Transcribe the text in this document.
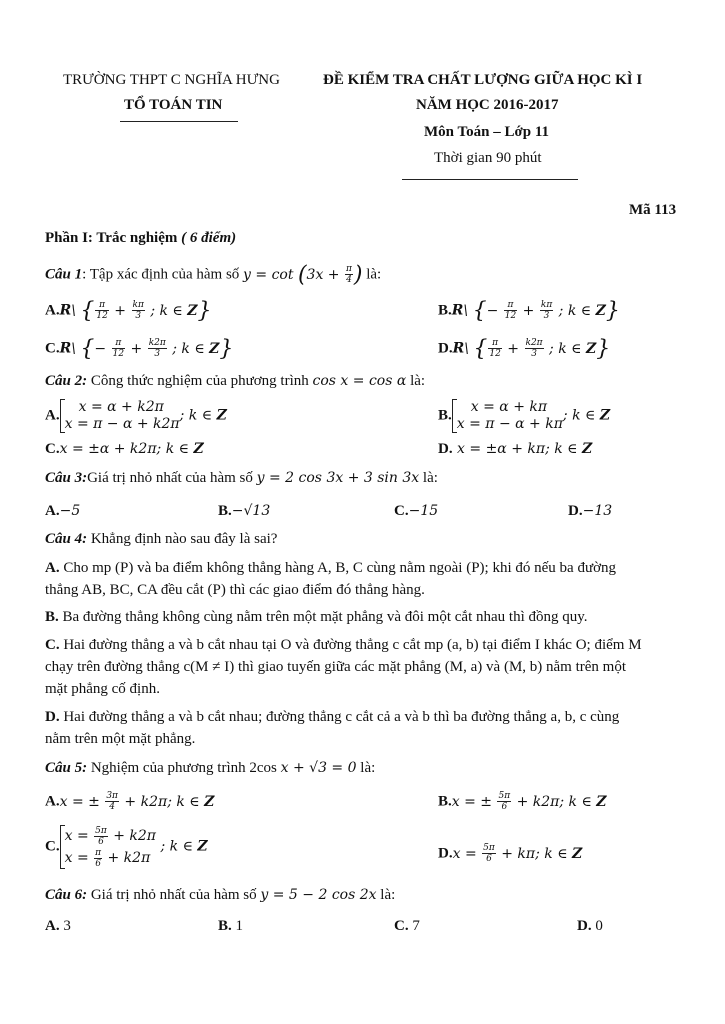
TRƯỜNG THPT C NGHĨA HƯNG
TỔ TOÁN TIN
ĐỀ KIỂM TRA CHẤT LƯỢNG GIỮA HỌC KÌ I
NĂM HỌC 2016-2017
Môn Toán – Lớp 11
Thời gian 90 phút
Mã 113
Phần I: Trắc nghiệm ( 6 điểm)
Câu 1: Tập xác định của hàm số $y = \cot (3x + \frac{\pi}{4}$ ) là:
A.R\ { $\frac{\pi}{12} + \frac{k\pi}{3}$ ; k ∈ Z}	B.R\ {− $\frac{\pi}{12} + \frac{k\pi}{3}$ ; k ∈ Z}
C.R\ {− $\frac{\pi}{12} + \frac{k2\pi}{3}$ ; k ∈ Z}	D.R\ { $\frac{\pi}{12} + \frac{k2\pi}{3}$ ; k ∈ Z}
Câu 2: Công thức nghiệm của phương trình cos x = cos α là:
A.x = α + k2π
x = π − α + k2π; k ∈ Z	B.x = α + kπ
x = π − α + kπ; k ∈ Z
C.x = ±α + k2π; k ∈ Z	D. x = ±α + kπ; k ∈ Z
Câu 3:Giá trị nhỏ nhất của hàm số y = 2 cos 3x + 3 sin 3x là:
A.−5	B.−√13	C.−15	D.−13
Câu 4: Khẳng định nào sau đây là sai?
A. Cho mp (P) và ba điểm không thẳng hàng A, B, C cùng nằm ngoài (P); khi đó nếu ba đường
thẳng AB, BC, CA đều cắt (P) thì các giao điểm đó thẳng hàng.
B. Ba đường thẳng không cùng nằm trên một mặt phẳng và đôi một cắt nhau thì đồng quy.
C. Hai đường thẳng a và b cắt nhau tại O và đường thẳng c cắt mp (a, b) tại điểm I khác O; điểm M
chạy trên đường thẳng c(M ≠ I) thì giao tuyến giữa các mặt phẳng (M, a) và (M, b) nằm trên một
mặt phẳng cố định.
D. Hai đường thẳng a và b cắt nhau; đường thẳng c cắt cả a và b thì ba đường thẳng a, b, c cùng
nằm trên một mặt phẳng.
Câu 5: Nghiệm của phương trình 2cos x + √3 = 0 là:
A.x = ± $\frac{3\pi}{4} + k2\pi$; k ∈ Z	B.x = ± $\frac{5\pi}{6} + k2\pi$; k ∈ Z
$C.x = \frac{5\pi}{6} + k2\pi$
$x = \frac{\pi}{6} + k2\pi$ ; k ∈ Z	$D.x = \frac{5\pi}{6} + k\pi$; k ∈ Z
Câu 6: Giá trị nhỏ nhất của hàm số y = 5 − 2 cos 2x là:
A. 3	B. 1	C. 7	D. 0
